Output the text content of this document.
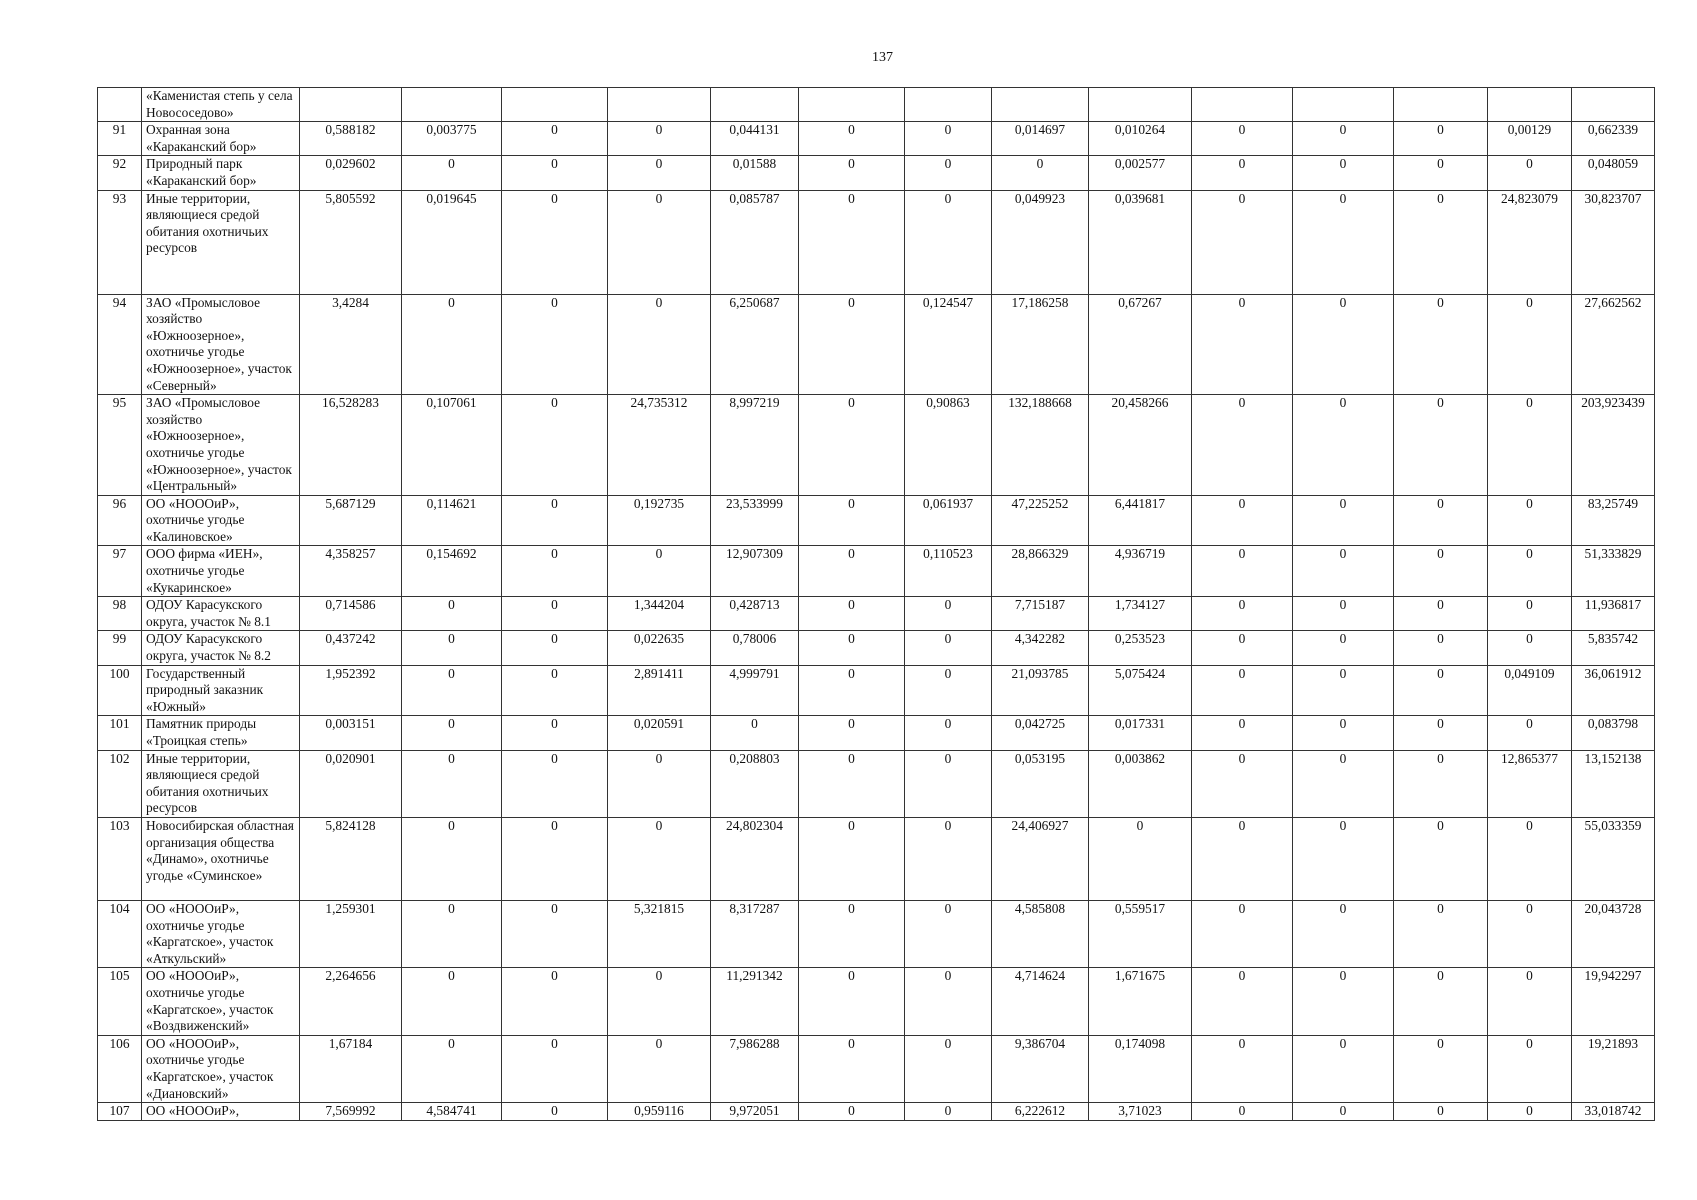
137
	«Каменистая степь у села Новососедово»														
91	Охранная зона «Караканский бор»	0,588182	0,003775	0	0	0,044131	0	0	0,014697	0,010264	0	0	0	0,00129	0,662339
92	Природный парк «Караканский бор»	0,029602	0	0	0	0,01588	0	0	0	0,002577	0	0	0	0	0,048059
93	Иные территории, являющиеся средой обитания охотничьих ресурсов	5,805592	0,019645	0	0	0,085787	0	0	0,049923	0,039681	0	0	0	24,823079	30,823707
94	ЗАО «Промысловое хозяйство «Южноозерное», охотничье угодье «Южноозерное», участок «Северный»	3,4284	0	0	0	6,250687	0	0,124547	17,186258	0,67267	0	0	0	0	27,662562
95	ЗАО «Промысловое хозяйство «Южноозерное», охотничье угодье «Южноозерное», участок «Центральный»	16,528283	0,107061	0	24,735312	8,997219	0	0,90863	132,188668	20,458266	0	0	0	0	203,923439
96	ОО «НОООиР», охотничье угодье «Калиновское»	5,687129	0,114621	0	0,192735	23,533999	0	0,061937	47,225252	6,441817	0	0	0	0	83,25749
97	ООО фирма «ИЕН», охотничье угодье «Кукаринское»	4,358257	0,154692	0	0	12,907309	0	0,110523	28,866329	4,936719	0	0	0	0	51,333829
98	ОДОУ Карасукского округа, участок № 8.1	0,714586	0	0	1,344204	0,428713	0	0	7,715187	1,734127	0	0	0	0	11,936817
99	ОДОУ Карасукского округа, участок № 8.2	0,437242	0	0	0,022635	0,78006	0	0	4,342282	0,253523	0	0	0	0	5,835742
100	Государственный природный заказник «Южный»	1,952392	0	0	2,891411	4,999791	0	0	21,093785	5,075424	0	0	0	0,049109	36,061912
101	Памятник природы «Троицкая степь»	0,003151	0	0	0,020591	0	0	0	0,042725	0,017331	0	0	0	0	0,083798
102	Иные территории, являющиеся средой обитания охотничьих ресурсов	0,020901	0	0	0	0,208803	0	0	0,053195	0,003862	0	0	0	12,865377	13,152138
103	Новосибирская областная организация общества «Динамо», охотничье угодье «Суминское»	5,824128	0	0	0	24,802304	0	0	24,406927	0	0	0	0	0	55,033359
104	ОО «НОООиР», охотничье угодье «Каргатское», участок «Аткульский»	1,259301	0	0	5,321815	8,317287	0	0	4,585808	0,559517	0	0	0	0	20,043728
105	ОО «НОООиР», охотничье угодье «Каргатское», участок «Воздвиженский»	2,264656	0	0	0	11,291342	0	0	4,714624	1,671675	0	0	0	0	19,942297
106	ОО «НОООиР», охотничье угодье «Каргатское», участок «Диановский»	1,67184	0	0	0	7,986288	0	0	9,386704	0,174098	0	0	0	0	19,21893
107	ОО «НОООиР»,	7,569992	4,584741	0	0,959116	9,972051	0	0	6,222612	3,71023	0	0	0	0	33,018742
